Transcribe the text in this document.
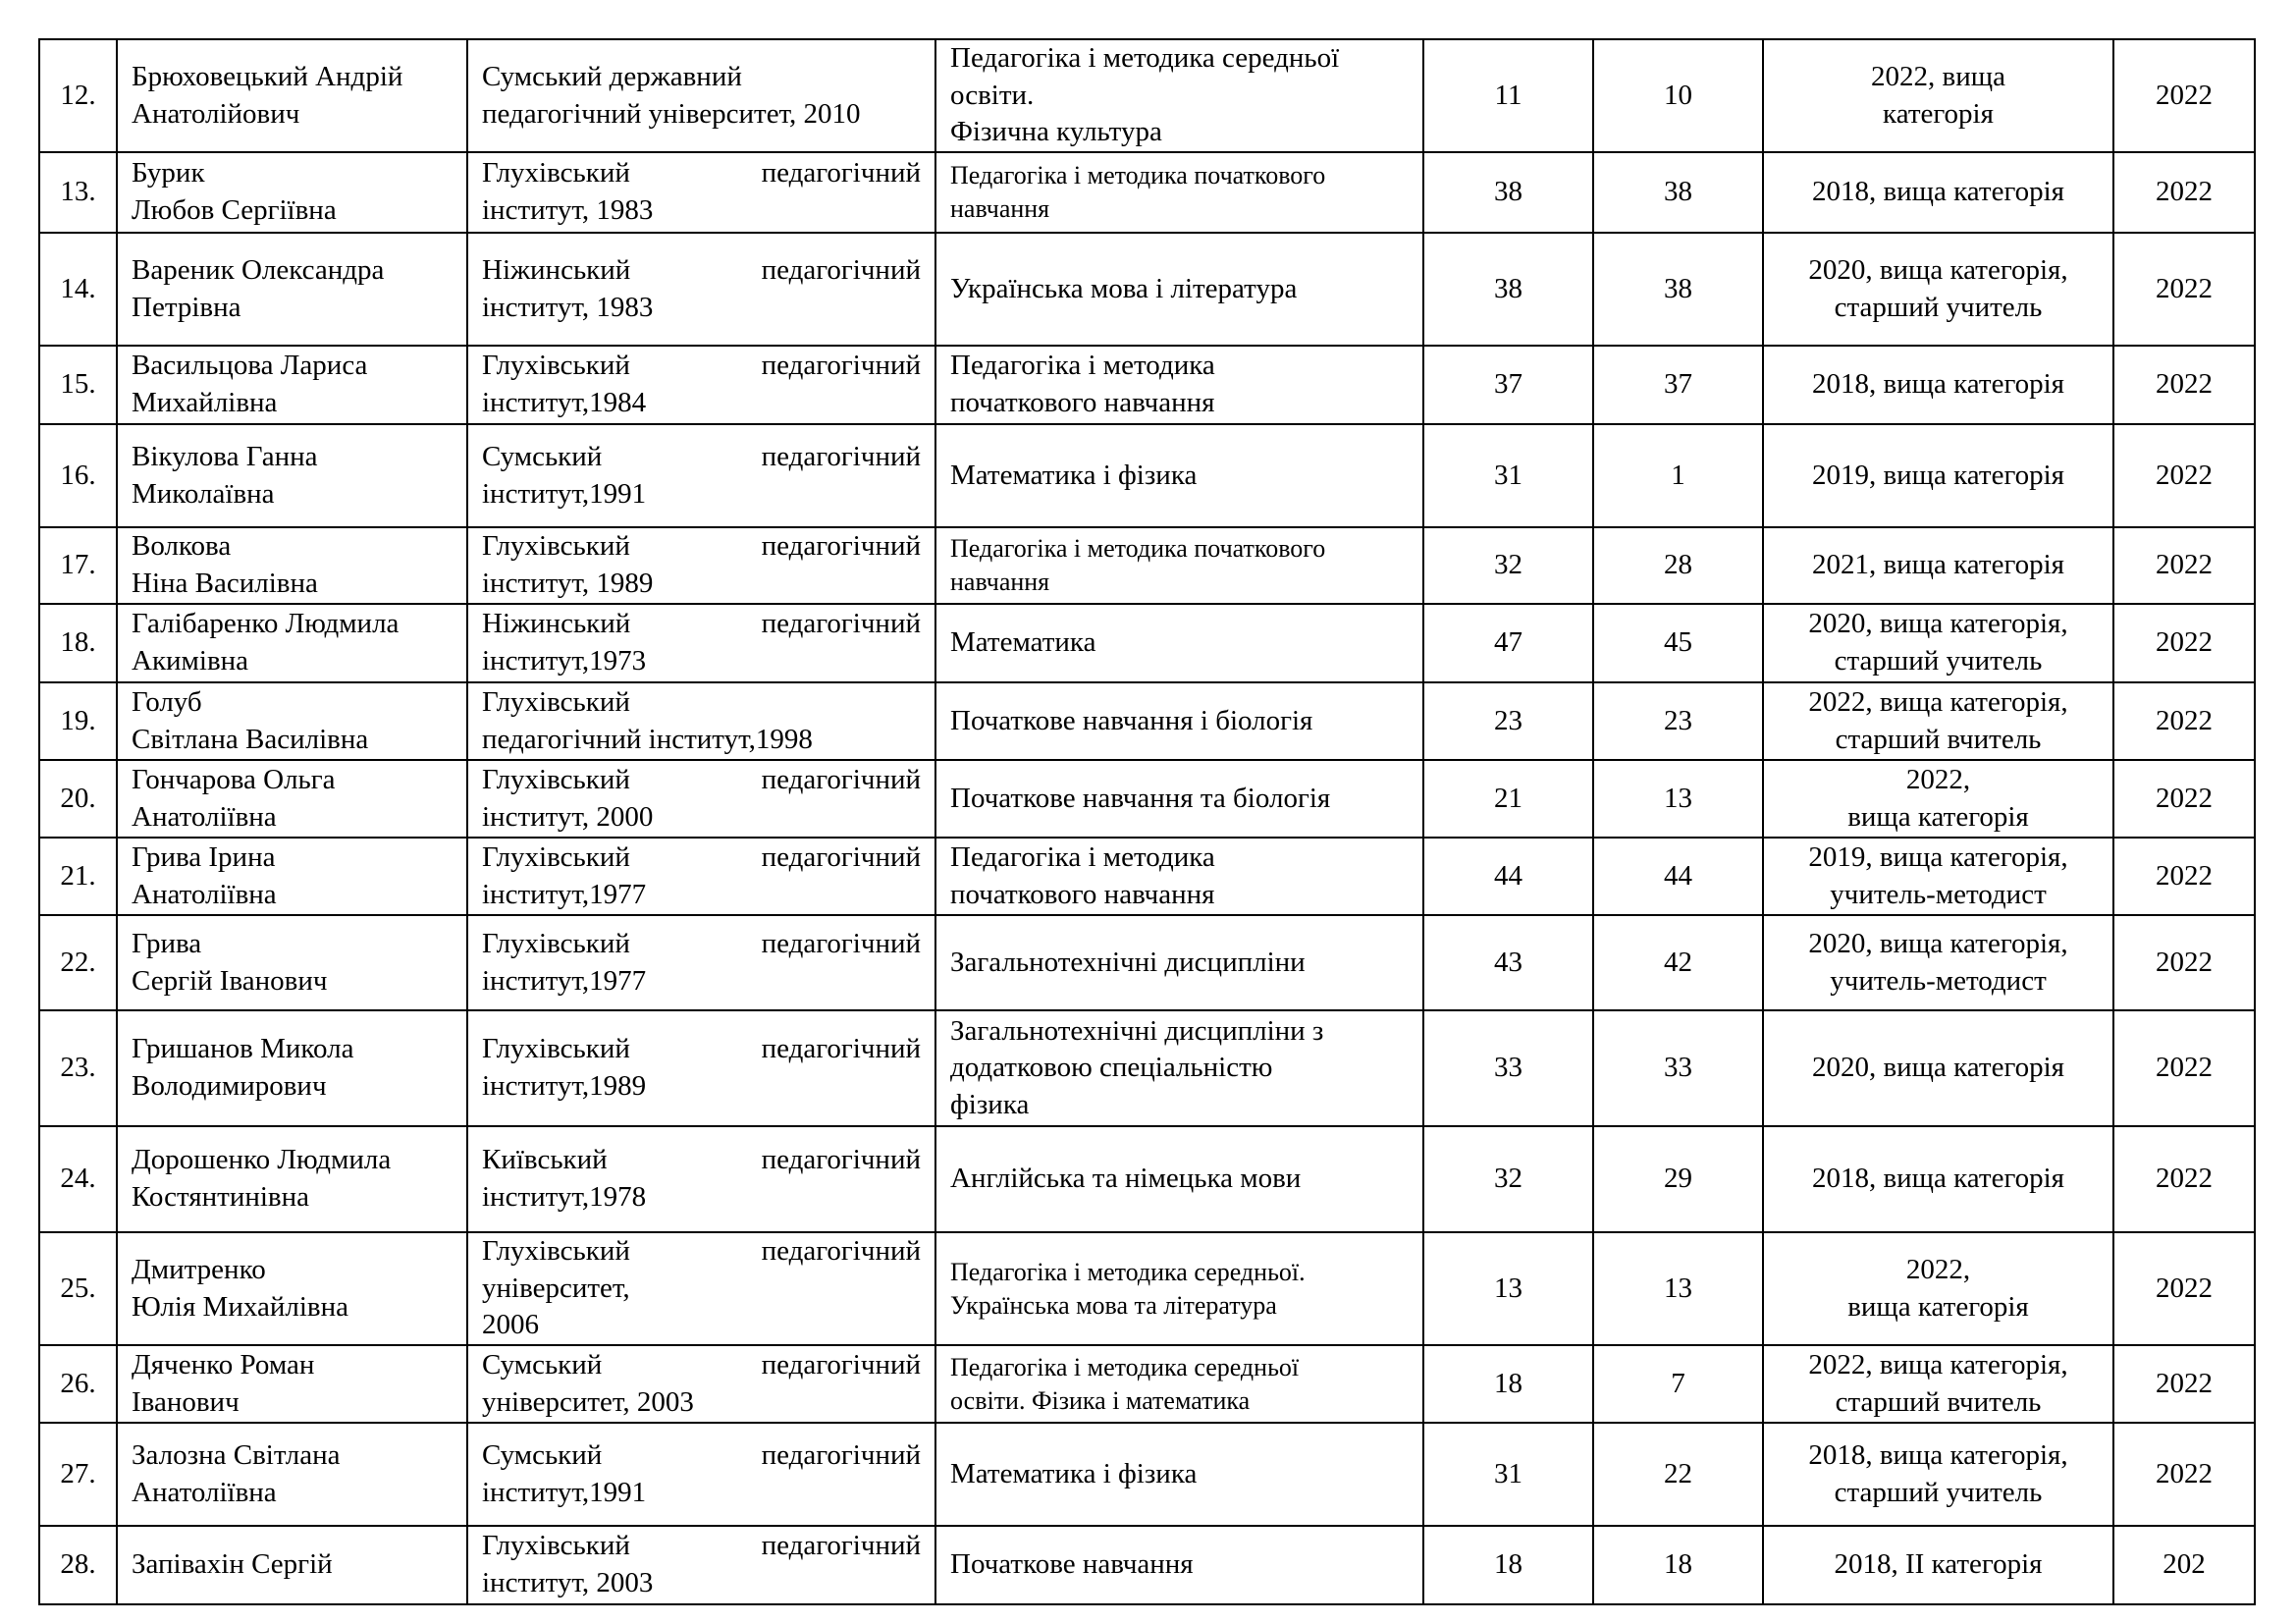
12.	Брюховецький Андрій
Анатолійович	Сумський державний
педагогічний університет, 2010	Педагогіка і методика середньої
освіти.
Фізична культура	11	10	2022, вища
категорія	2022
13.	Бурик
Любов Сергіївна	Глухівський педагогічний
інститут, 1983	Педагогіка і методика початкового
навчання	38	38	2018, вища категорія	2022
14.	Вареник Олександра
Петрівна	Ніжинський педагогічний
інститут, 1983	Українська мова і література	38	38	2020, вища категорія,
старший учитель	2022
15.	Васильцова Лариса
Михайлівна	Глухівський педагогічний
інститут,1984	Педагогіка і методика
початкового навчання	37	37	2018, вища категорія	2022
16.	Вікулова Ганна
Миколаївна	Сумський педагогічний
інститут,1991	Математика і фізика	31	1	2019, вища категорія	2022
17.	Волкова
Ніна Василівна	Глухівський педагогічний
інститут, 1989	Педагогіка і методика початкового
навчання	32	28	2021, вища категорія	2022
18.	Галібаренко Людмила
Акимівна	Ніжинський педагогічний
інститут,1973	Математика	47	45	2020, вища категорія,
старший учитель	2022
19.	Голуб
Світлана Василівна	Глухівський
педагогічний інститут,1998	Початкове навчання і біологія	23	23	2022, вища категорія,
старший вчитель	2022
20.	Гончарова Ольга
Анатоліївна	Глухівський педагогічний
інститут, 2000	Початкове навчання та біологія	21	13	2022,
вища категорія	2022
21.	Грива Ірина
Анатоліївна	Глухівський педагогічний
інститут,1977	Педагогіка і методика
початкового навчання	44	44	2019, вища категорія,
учитель-методист	2022
22.	Грива
Сергій Іванович	Глухівський педагогічний
інститут,1977	Загальнотехнічні дисципліни	43	42	2020, вища категорія,
учитель-методист	2022
23.	Гришанов Микола
Володимирович	Глухівський педагогічний
інститут,1989	Загальнотехнічні дисципліни з
додатковою спеціальністю
фізика	33	33	2020, вища категорія	2022
24.	Дорошенко Людмила
Костянтинівна	Київський педагогічний
інститут,1978	Англійська та німецька мови	32	29	2018, вища категорія	2022
25.	Дмитренко
Юлія Михайлівна	Глухівський педагогічний
університет,
2006	Педагогіка і методика середньої.
Українська мова та література	13	13	2022,
вища категорія	2022
26.	Дяченко Роман
Іванович	Сумський педагогічний
університет, 2003	Педагогіка і методика середньої
освіти. Фізика і математика	18	7	2022, вища категорія,
старший вчитель	2022
27.	Залозна Світлана
Анатоліївна	Сумський педагогічний
інститут,1991	Математика і фізика	31	22	2018, вища категорія,
старший учитель	2022
28.	Запівахін Сергій	Глухівський педагогічний
інститут, 2003	Початкове навчання	18	18	2018, II категорія	202
